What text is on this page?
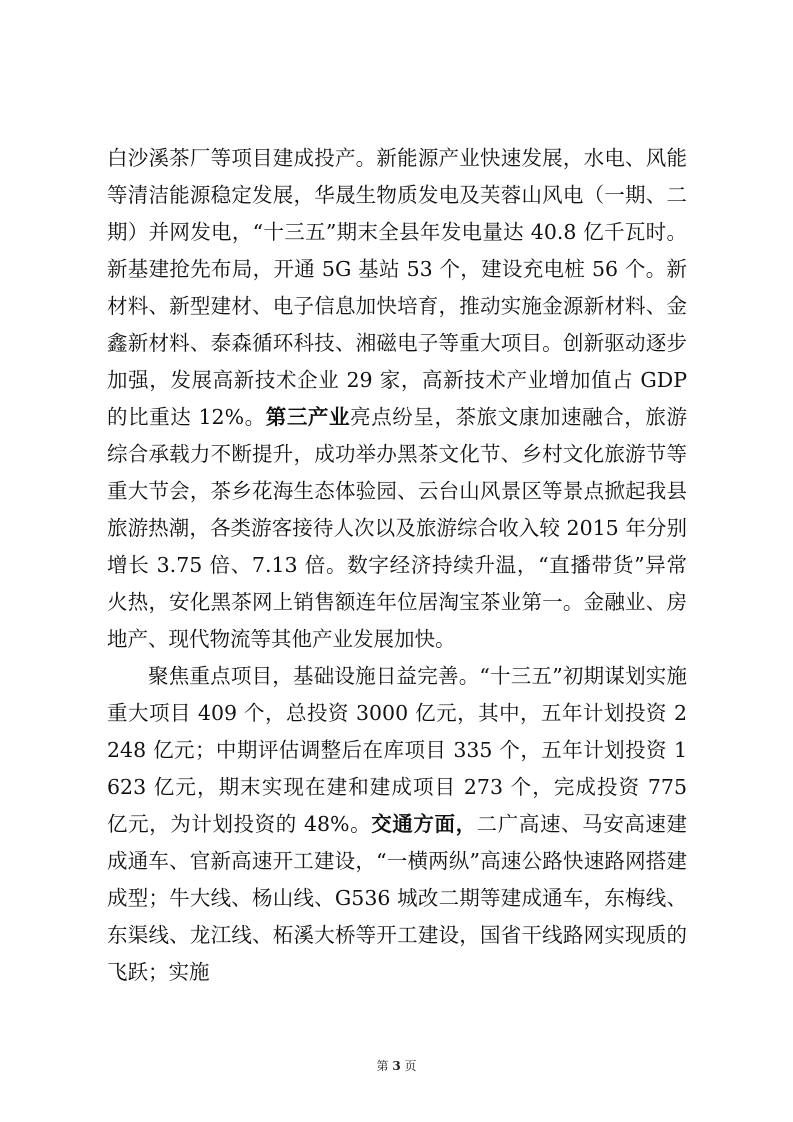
白沙溪茶厂等项目建成投产。新能源产业快速发展，水电、风能等清洁能源稳定发展，华晟生物质发电及芙蓉山风电（一期、二期）并网发电，“十三五”期末全县年发电量达 40.8 亿千瓦时。新基建抢先布局，开通 5G 基站 53 个，建设充电桩 56 个。新材料、新型建材、电子信息加快培育，推动实施金源新材料、金鑫新材料、泰森循环科技、湘磁电子等重大项目。创新驱动逐步加强，发展高新技术企业 29 家，高新技术产业增加值占 GDP 的比重达 12%。第三产业亮点纷呈，茶旅文康加速融合，旅游综合承载力不断提升，成功举办黑茶文化节、乡村文化旅游节等重大节会，茶乡花海生态体验园、云台山风景区等景点掀起我县旅游热潮，各类游客接待人次以及旅游综合收入较 2015 年分别增长 3.75 倍、7.13 倍。数字经济持续升温，“直播带货”异常火热，安化黑茶网上销售额连年位居淘宝茶业第一。金融业、房地产、现代物流等其他产业发展加快。

聚焦重点项目，基础设施日益完善。“十三五”初期谋划实施重大项目 409 个，总投资 3000 亿元，其中，五年计划投资 2248 亿元；中期评估调整后在库项目 335 个，五年计划投资 1623 亿元，期末实现在建和建成项目 273 个，完成投资 775 亿元，为计划投资的 48%。交通方面，二广高速、马安高速建成通车、官新高速开工建设，“一横两纵”高速公路快速路网搭建成型；牛大线、杨山线、G536 城改二期等建成通车，东梅线、东渠线、龙江线、柘溪大桥等开工建设，国省干线路网实现质的飞跃；实施

第 3 页
